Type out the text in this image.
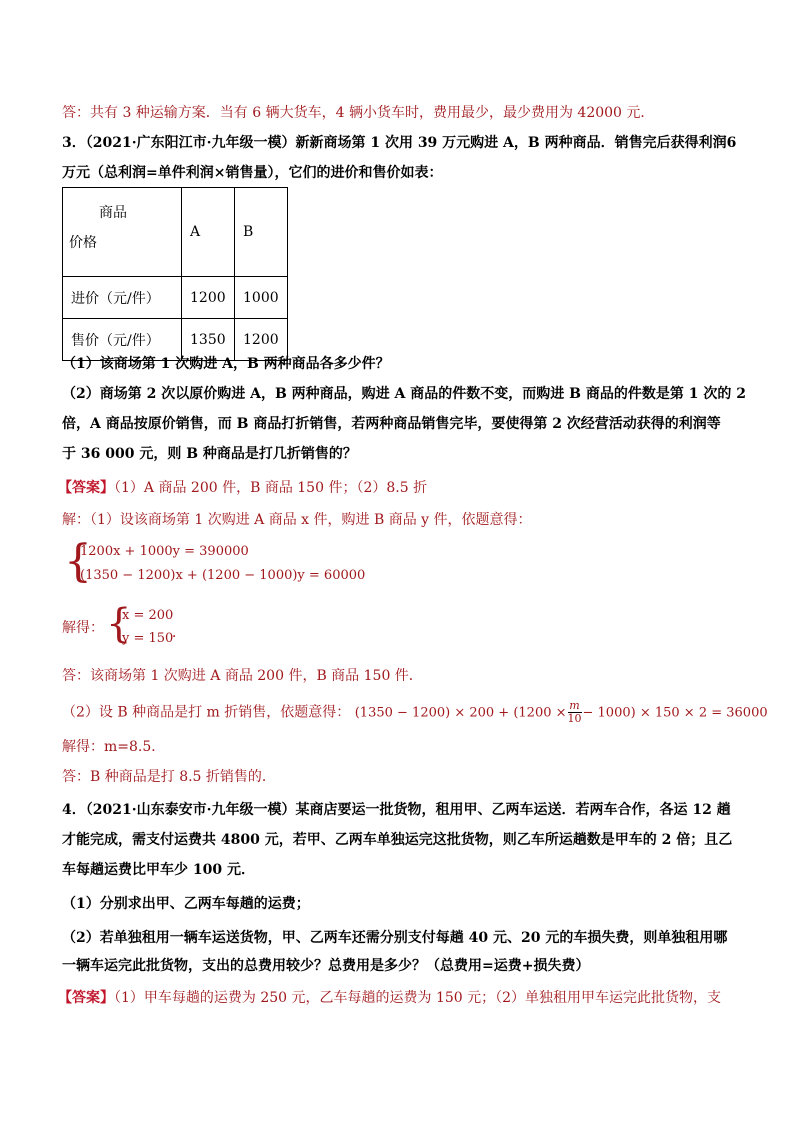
答：共有 3 种运输方案．当有 6 辆大货车，4 辆小货车时，费用最少，最少费用为 42000 元．
3．（2021·广东阳江市·九年级一模）新新商场第 1 次用 39 万元购进 A，B 两种商品．销售完后获得利润6
万元（总利润=单件利润×销售量），它们的进价和售价如表：
商品
价格	A	B
进价（元/件）	1200	1000
售价（元/件）	1350	1200
（1）该商场第 1 次购进 A，B 两种商品各多少件？
（2）商场第 2 次以原价购进 A，B 两种商品，购进 A 商品的件数不变，而购进 B 商品的件数是第 1 次的 2
倍，A 商品按原价销售，而 B 商品打折销售，若两种商品销售完毕，要使得第 2 次经营活动获得的利润等
于 36 000 元，则 B 种商品是打几折销售的？
【答案】（1）A 商品 200 件，B 商品 150 件；（2）8.5 折
解：（1）设该商场第 1 次购进 A 商品 x 件，购进 B 商品 y 件，依题意得：
{
1200x + 1000y = 390000
(1350 − 1200)x + (1200 − 1000)y = 60000
解得： {
x = 200
y = 150
．
答：该商场第 1 次购进 A 商品 200 件，B 商品 150 件．
（2）设 B 种商品是打 m 折销售，依题意得： $(1350 - 1200) \times 200 + (1200 \times \frac{m}{10} - 1000) \times 150 \times 2 = 36000$
解得：m=8.5．
答：B 种商品是打 8.5 折销售的．
4．（2021·山东泰安市·九年级一模）某商店要运一批货物，租用甲、乙两车运送．若两车合作，各运 12 趟
才能完成，需支付运费共 4800 元，若甲、乙两车单独运完这批货物，则乙车所运趟数是甲车的 2 倍；且乙
车每趟运费比甲车少 100 元．
（1）分别求出甲、乙两车每趟的运费；
（2）若单独租用一辆车运送货物，甲、乙两车还需分别支付每趟 40 元、20 元的车损失费，则单独租用哪
一辆车运完此批货物，支出的总费用较少？总费用是多少？（总费用=运费+损失费）
【答案】（1）甲车每趟的运费为 250 元，乙车每趟的运费为 150 元；（2）单独租用甲车运完此批货物，支
